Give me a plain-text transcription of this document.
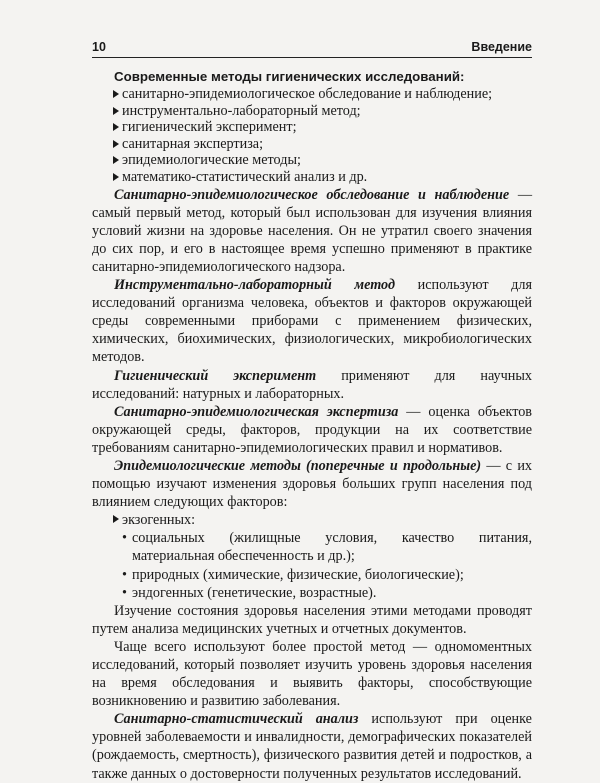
10	Введение
Современные методы гигиенических исследований:
санитарно-эпидемиологическое обследование и наблюдение;
инструментально-лабораторный метод;
гигиенический эксперимент;
санитарная экспертиза;
эпидемиологические методы;
математико-статистический анализ и др.

Санитарно-эпидемиологическое обследование и наблюдение — самый первый метод, который был использован для изучения влияния условий жизни на здоровье населения. Он не утратил своего значения до сих пор, и его в настоящее время успешно применяют в практике санитарно-эпидемиологического надзора.

Инструментально-лабораторный метод используют для исследований организма человека, объектов и факторов окружающей среды современными приборами с применением физических, химических, биохимических, физиологических, микробиологических методов.

Гигиенический эксперимент применяют для научных исследований: натурных и лабораторных.

Санитарно-эпидемиологическая экспертиза — оценка объектов окружающей среды, факторов, продукции на их соответствие требованиям санитарно-эпидемиологических правил и нормативов.

Эпидемиологические методы (поперечные и продольные) — с их помощью изучают изменения здоровья больших групп населения под влиянием следующих факторов:

экзогенных:
• социальных (жилищные условия, качество питания, материальная обеспеченность и др.);
• природных (химические, физические, биологические);
• эндогенных (генетические, возрастные).

Изучение состояния здоровья населения этими методами проводят путем анализа медицинских учетных и отчетных документов.

Чаще всего используют более простой метод — одномоментных исследований, который позволяет изучить уровень здоровья населения на время обследования и выявить факторы, способствующие возникновению и развитию заболевания.

Санитарно-статистический анализ используют при оценке уровней заболеваемости и инвалидности, демографических показателей (рождаемость, смертность), физического развития детей и подростков, а также данных о достоверности полученных результатов исследований.
